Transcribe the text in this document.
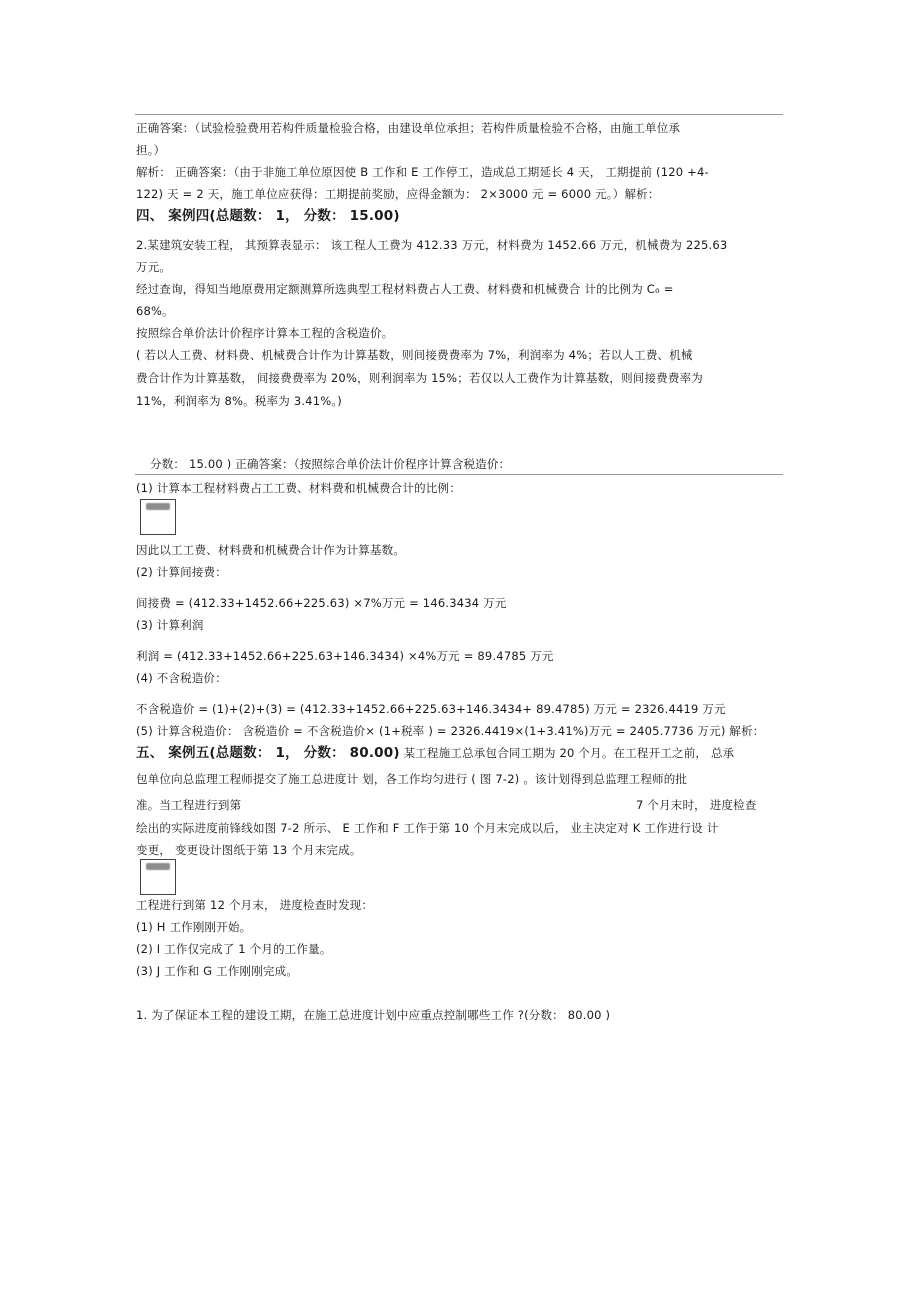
正确答案：（试验检验费用若构件质量检验合格，由建设单位承担；若构件质量检验不合格，由施工单位承
担。）
解析： 正确答案：（由于非施工单位原因使 B 工作和 E 工作停工，造成总工期延长 4 天， 工期提前 (120 +4-
122) 天 = 2 天，施工单位应获得：工期提前奖励，应得金额为： 2×3000 元 = 6000 元。）解析：
四、 案例四(总题数： 1， 分数： 15.00)
2.某建筑安装工程， 其预算表显示： 该工程人工费为 412.33 万元，材料费为 1452.66 万元，机械费为 225.63
万元。
经过查询，得知当地原费用定额测算所选典型工程材料费占人工费、材料费和机械费合 计的比例为 C₀ =
68%。
按照综合单价法计价程序计算本工程的含税造价。
( 若以人工费、材料费、机械费合计作为计算基数，则间接费费率为 7%，利润率为 4%；若以人工费、机械
费合计作为计算基数， 间接费费率为 20%，则利润率为 15%；若仅以人工费作为计算基数，则间接费费率为
11%，利润率为 8%。税率为 3.41%。)
分数： 15.00 ) 正确答案：（按照综合单价法计价程序计算含税造价：
(1) 计算本工程材料费占工工费、材料费和机械费合计的比例：
因此以工工费、材料费和机械费合计作为计算基数。
(2) 计算间接费：
间接费 = (412.33+1452.66+225.63) ×7%万元 = 146.3434 万元
(3) 计算利润
利润 = (412.33+1452.66+225.63+146.3434) ×4%万元 = 89.4785 万元
(4) 不含税造价：
不含税造价 = (1)+(2)+(3) = (412.33+1452.66+225.63+146.3434+ 89.4785) 万元 = 2326.4419 万元
(5) 计算含税造价： 含税造价 = 不含税造价× (1+税率 ) = 2326.4419×(1+3.41%)万元 = 2405.7736 万元) 解析：
五、 案例五(总题数： 1， 分数： 80.00) 某工程施工总承包合同工期为 20 个月。在工程开工之前， 总承
包单位向总监理工程师提交了施工总进度计 划，各工作均匀进行 ( 图 7-2) 。该计划得到总监理工程师的批
准。当工程进行到第	7 个月末时， 进度检查
绘出的实际进度前锋线如图 7-2 所示、 E 工作和 F 工作于第 10 个月末完成以后， 业主决定对 K 工作进行设 计
变更， 变更设计图纸于第 13 个月末完成。
工程进行到第 12 个月末， 进度检查时发现：
(1) H 工作刚刚开始。
(2) I 工作仅完成了 1 个月的工作量。
(3) J 工作和 G 工作刚刚完成。
1. 为了保证本工程的建设工期，在施工总进度计划中应重点控制哪些工作 ?(分数： 80.00 )
